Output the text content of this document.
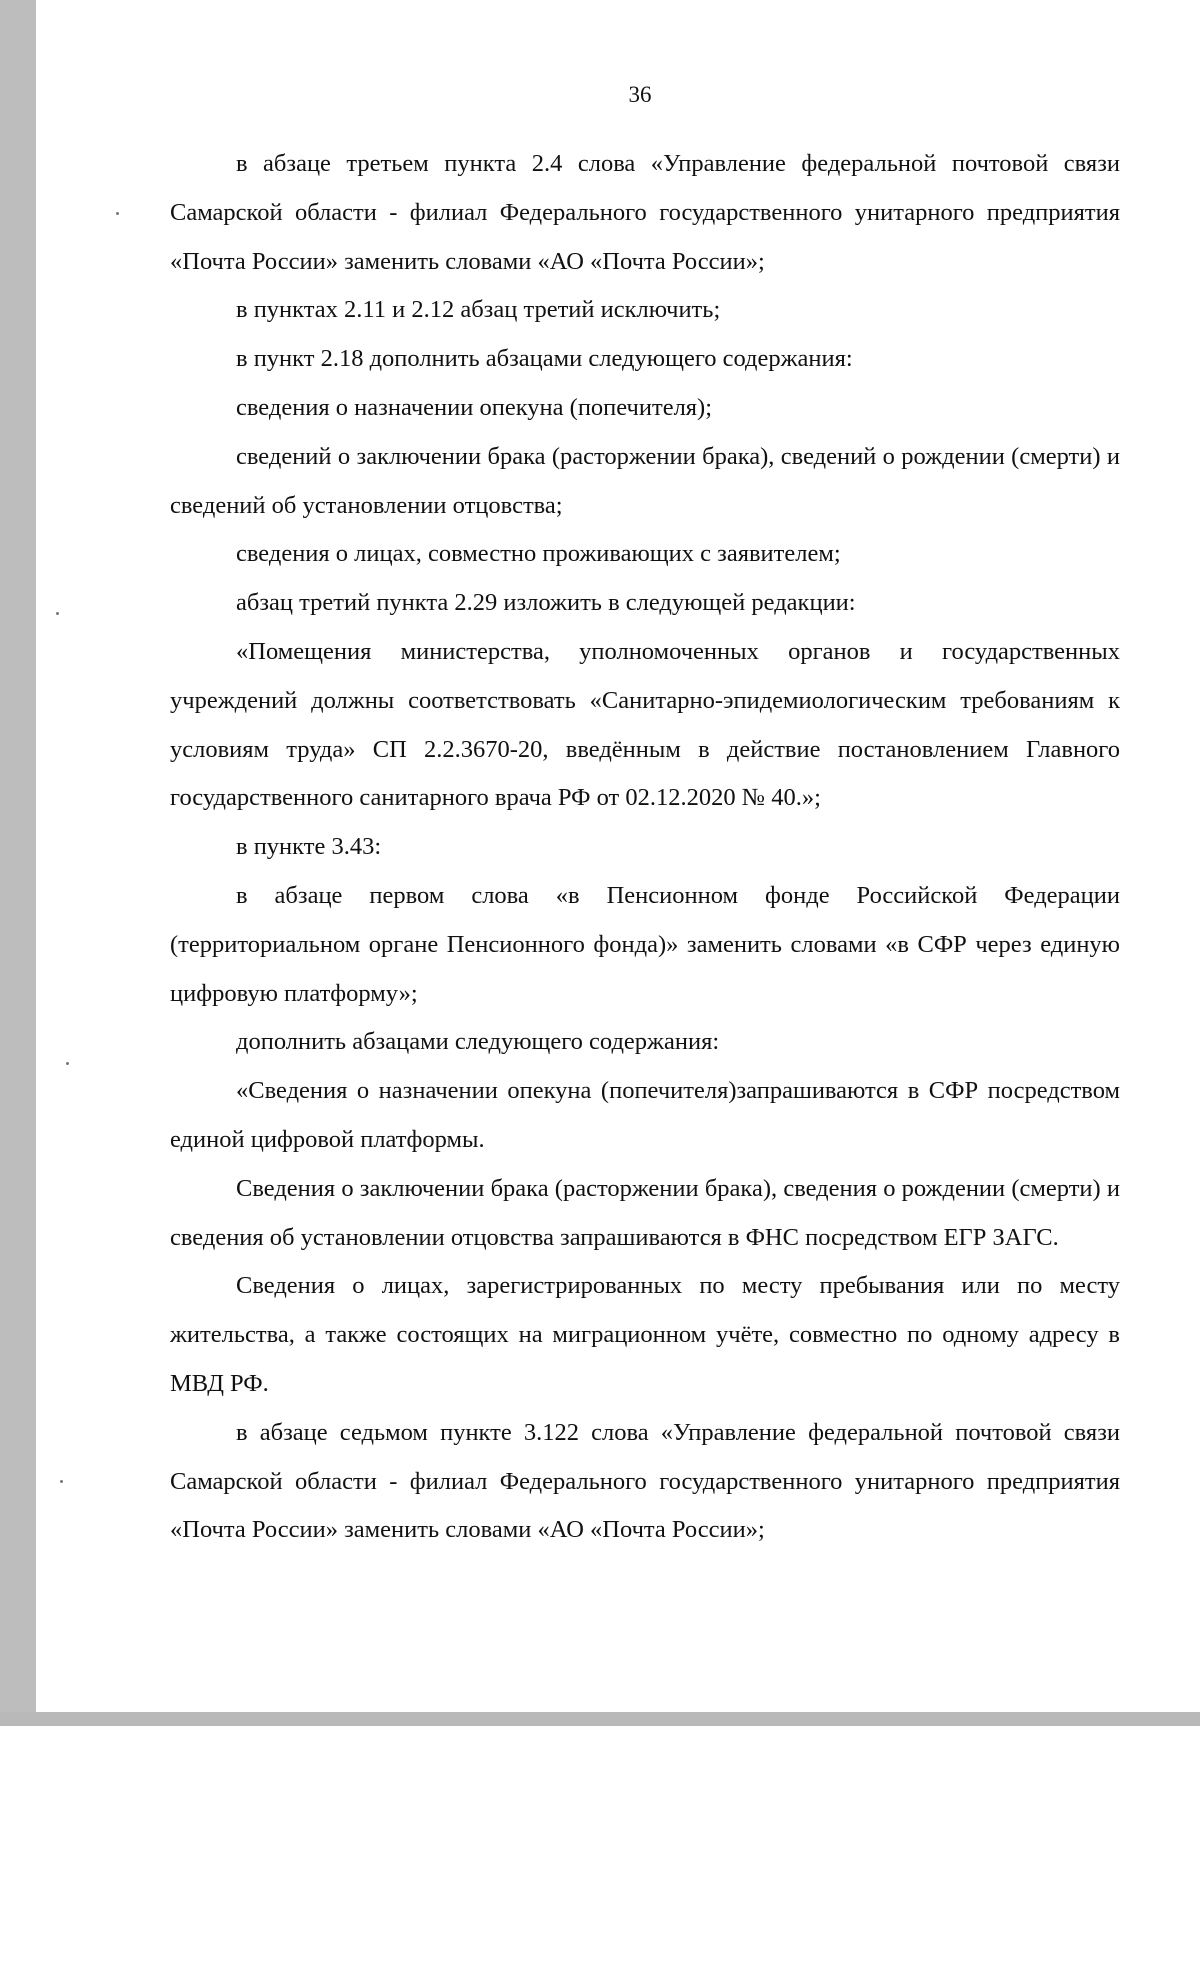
36

в абзаце третьем пункта 2.4 слова «Управление федеральной почтовой связи Самарской области - филиал Федерального государственного унитарного предприятия «Почта России» заменить словами «АО «Почта России»;

в пунктах 2.11 и 2.12 абзац третий исключить;

в пункт 2.18 дополнить абзацами следующего содержания:

сведения о назначении опекуна (попечителя);

сведений о заключении брака (расторжении брака), сведений о рождении (смерти) и сведений об установлении отцовства;

сведения о лицах, совместно проживающих с заявителем;

абзац третий пункта 2.29 изложить в следующей редакции:

«Помещения министерства, уполномоченных органов и государственных учреждений должны соответствовать «Санитарно-эпидемиологическим требованиям к условиям труда» СП 2.2.3670-20, введённым в действие постановлением Главного государственного санитарного врача РФ от 02.12.2020 № 40.»;

в пункте 3.43:

в абзаце первом слова «в Пенсионном фонде Российской Федерации (территориальном органе Пенсионного фонда)» заменить словами «в СФР через единую цифровую платформу»;

дополнить абзацами следующего содержания:

«Сведения о назначении опекуна (попечителя)запрашиваются в СФР посредством единой цифровой платформы.

Сведения о заключении брака (расторжении брака), сведения о рождении (смерти) и сведения об установлении отцовства запрашиваются в ФНС посредством ЕГР ЗАГС.

Сведения о лицах, зарегистрированных по месту пребывания или по месту жительства, а также состоящих на миграционном учёте, совместно по одному адресу в МВД РФ.

в абзаце седьмом пункте 3.122 слова «Управление федеральной почтовой связи Самарской области - филиал Федерального государственного унитарного предприятия «Почта России» заменить словами «АО «Почта России»;
